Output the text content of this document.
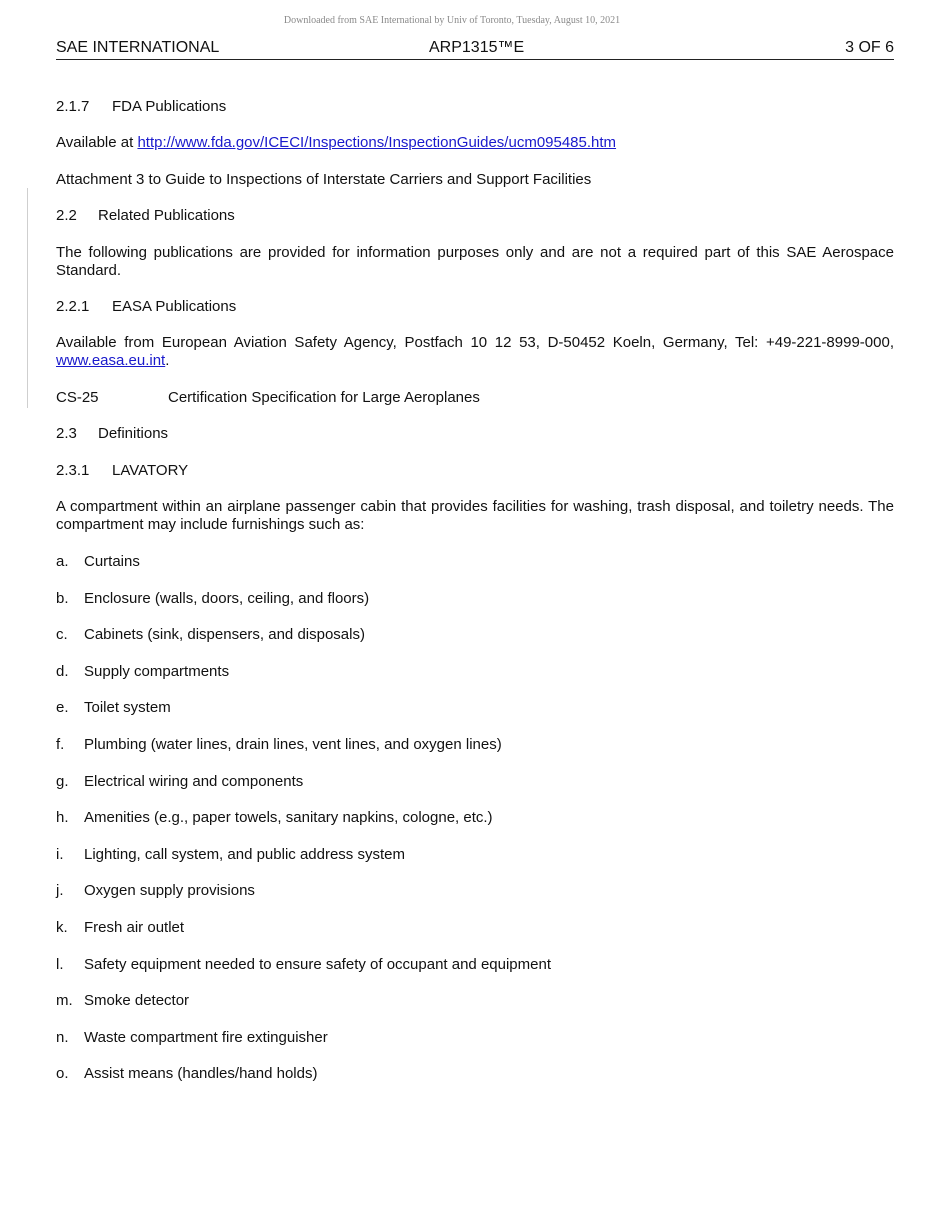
Downloaded from SAE International by Univ of Toronto, Tuesday, August 10, 2021
SAE INTERNATIONAL	ARP1315™E	3 OF 6
2.1.7 FDA Publications
Available at http://www.fda.gov/ICECI/Inspections/InspectionGuides/ucm095485.htm
Attachment 3 to Guide to Inspections of Interstate Carriers and Support Facilities
2.2 Related Publications
The following publications are provided for information purposes only and are not a required part of this SAE Aerospace Standard.
2.2.1 EASA Publications
Available from European Aviation Safety Agency, Postfach 10 12 53, D-50452 Koeln, Germany, Tel: +49-221-8999-000, www.easa.eu.int.
CS-25	Certification Specification for Large Aeroplanes
2.3 Definitions
2.3.1 LAVATORY
A compartment within an airplane passenger cabin that provides facilities for washing, trash disposal, and toiletry needs. The compartment may include furnishings such as:
a. Curtains
b. Enclosure (walls, doors, ceiling, and floors)
c. Cabinets (sink, dispensers, and disposals)
d. Supply compartments
e. Toilet system
f. Plumbing (water lines, drain lines, vent lines, and oxygen lines)
g. Electrical wiring and components
h. Amenities (e.g., paper towels, sanitary napkins, cologne, etc.)
i. Lighting, call system, and public address system
j. Oxygen supply provisions
k. Fresh air outlet
l. Safety equipment needed to ensure safety of occupant and equipment
m. Smoke detector
n. Waste compartment fire extinguisher
o. Assist means (handles/hand holds)
